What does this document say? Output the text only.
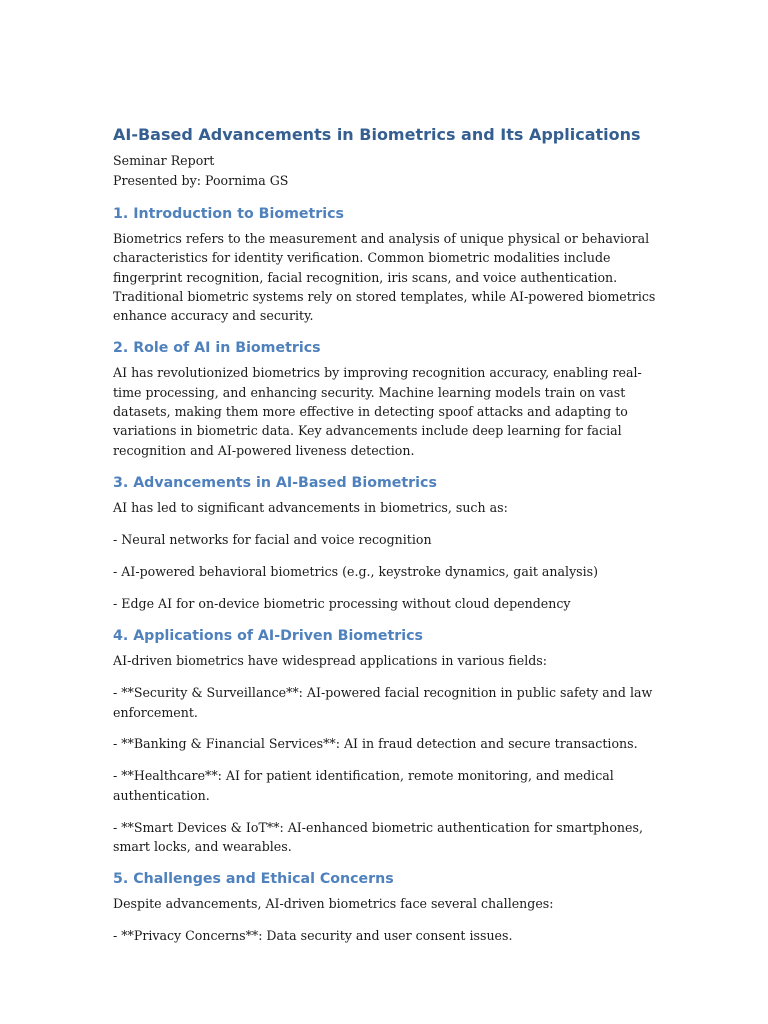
AI-Based Advancements in Biometrics and Its Applications
Seminar Report
Presented by: Poornima GS
1. Introduction to Biometrics

Biometrics refers to the measurement and analysis of unique physical or behavioral characteristics for identity verification. Common biometric modalities include fingerprint recognition, facial recognition, iris scans, and voice authentication. Traditional biometric systems rely on stored templates, while AI-powered biometrics enhance accuracy and security.

2. Role of AI in Biometrics

AI has revolutionized biometrics by improving recognition accuracy, enabling real-time processing, and enhancing security. Machine learning models train on vast datasets, making them more effective in detecting spoof attacks and adapting to variations in biometric data. Key advancements include deep learning for facial recognition and AI-powered liveness detection.

3. Advancements in AI-Based Biometrics

AI has led to significant advancements in biometrics, such as:

- Neural networks for facial and voice recognition

- AI-powered behavioral biometrics (e.g., keystroke dynamics, gait analysis)

- Edge AI for on-device biometric processing without cloud dependency

4. Applications of AI-Driven Biometrics

AI-driven biometrics have widespread applications in various fields:

- **Security & Surveillance**: AI-powered facial recognition in public safety and law enforcement.

- **Banking & Financial Services**: AI in fraud detection and secure transactions.

- **Healthcare**: AI for patient identification, remote monitoring, and medical authentication.

- **Smart Devices & IoT**: AI-enhanced biometric authentication for smartphones, smart locks, and wearables.

5. Challenges and Ethical Concerns

Despite advancements, AI-driven biometrics face several challenges:

- **Privacy Concerns**: Data security and user consent issues.
